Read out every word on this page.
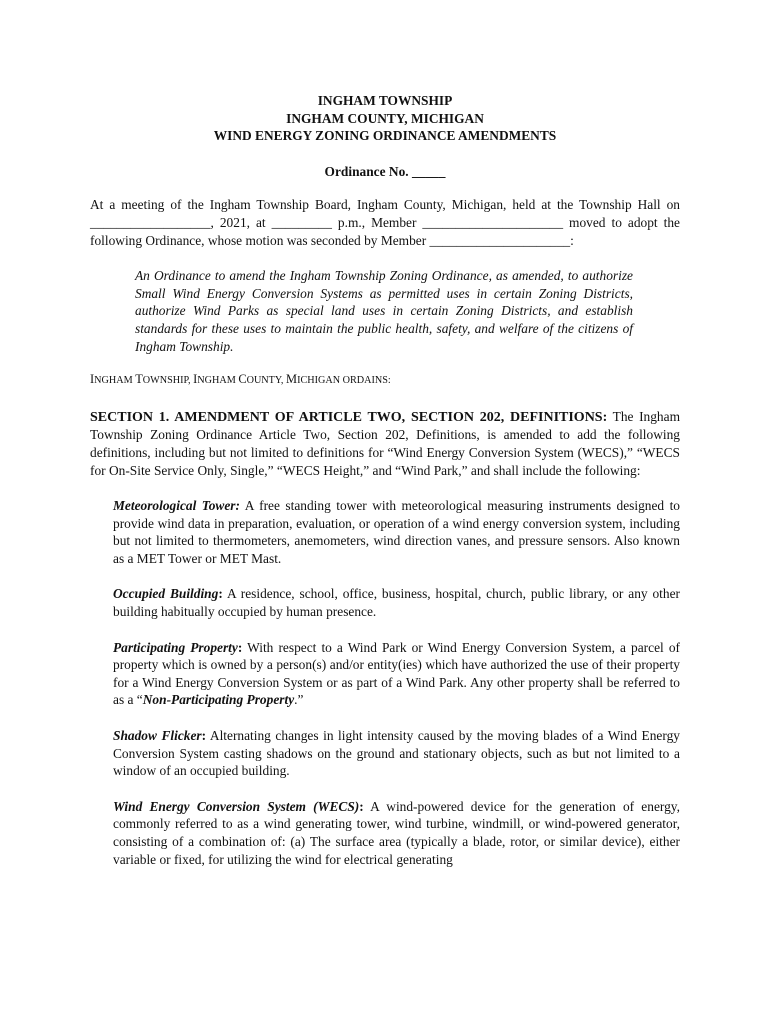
INGHAM TOWNSHIP
INGHAM COUNTY, MICHIGAN
WIND ENERGY ZONING ORDINANCE AMENDMENTS
Ordinance No. _____

At a meeting of the Ingham Township Board, Ingham County, Michigan, held at the Township Hall on __________________, 2021, at _________ p.m., Member _____________________ moved to adopt the following Ordinance, whose motion was seconded by Member _____________________:

An Ordinance to amend the Ingham Township Zoning Ordinance, as amended, to authorize Small Wind Energy Conversion Systems as permitted uses in certain Zoning Districts, authorize Wind Parks as special land uses in certain Zoning Districts, and establish standards for these uses to maintain the public health, safety, and welfare of the citizens of Ingham Township.

INGHAM TOWNSHIP, INGHAM COUNTY, MICHIGAN ORDAINS:

SECTION 1. AMENDMENT OF ARTICLE TWO, SECTION 202, DEFINITIONS: The Ingham Township Zoning Ordinance Article Two, Section 202, Definitions, is amended to add the following definitions, including but not limited to definitions for “Wind Energy Conversion System (WECS),” “WECS for On-Site Service Only, Single,” “WECS Height,” and “Wind Park,” and shall include the following:

Meteorological Tower: A free standing tower with meteorological measuring instruments designed to provide wind data in preparation, evaluation, or operation of a wind energy conversion system, including but not limited to thermometers, anemometers, wind direction vanes, and pressure sensors. Also known as a MET Tower or MET Mast.

Occupied Building: A residence, school, office, business, hospital, church, public library, or any other building habitually occupied by human presence.

Participating Property: With respect to a Wind Park or Wind Energy Conversion System, a parcel of property which is owned by a person(s) and/or entity(ies) which have authorized the use of their property for a Wind Energy Conversion System or as part of a Wind Park. Any other property shall be referred to as a “Non-Participating Property.”

Shadow Flicker: Alternating changes in light intensity caused by the moving blades of a Wind Energy Conversion System casting shadows on the ground and stationary objects, such as but not limited to a window of an occupied building.

Wind Energy Conversion System (WECS): A wind-powered device for the generation of energy, commonly referred to as a wind generating tower, wind turbine, windmill, or wind-powered generator, consisting of a combination of: (a) The surface area (typically a blade, rotor, or similar device), either variable or fixed, for utilizing the wind for electrical generating
